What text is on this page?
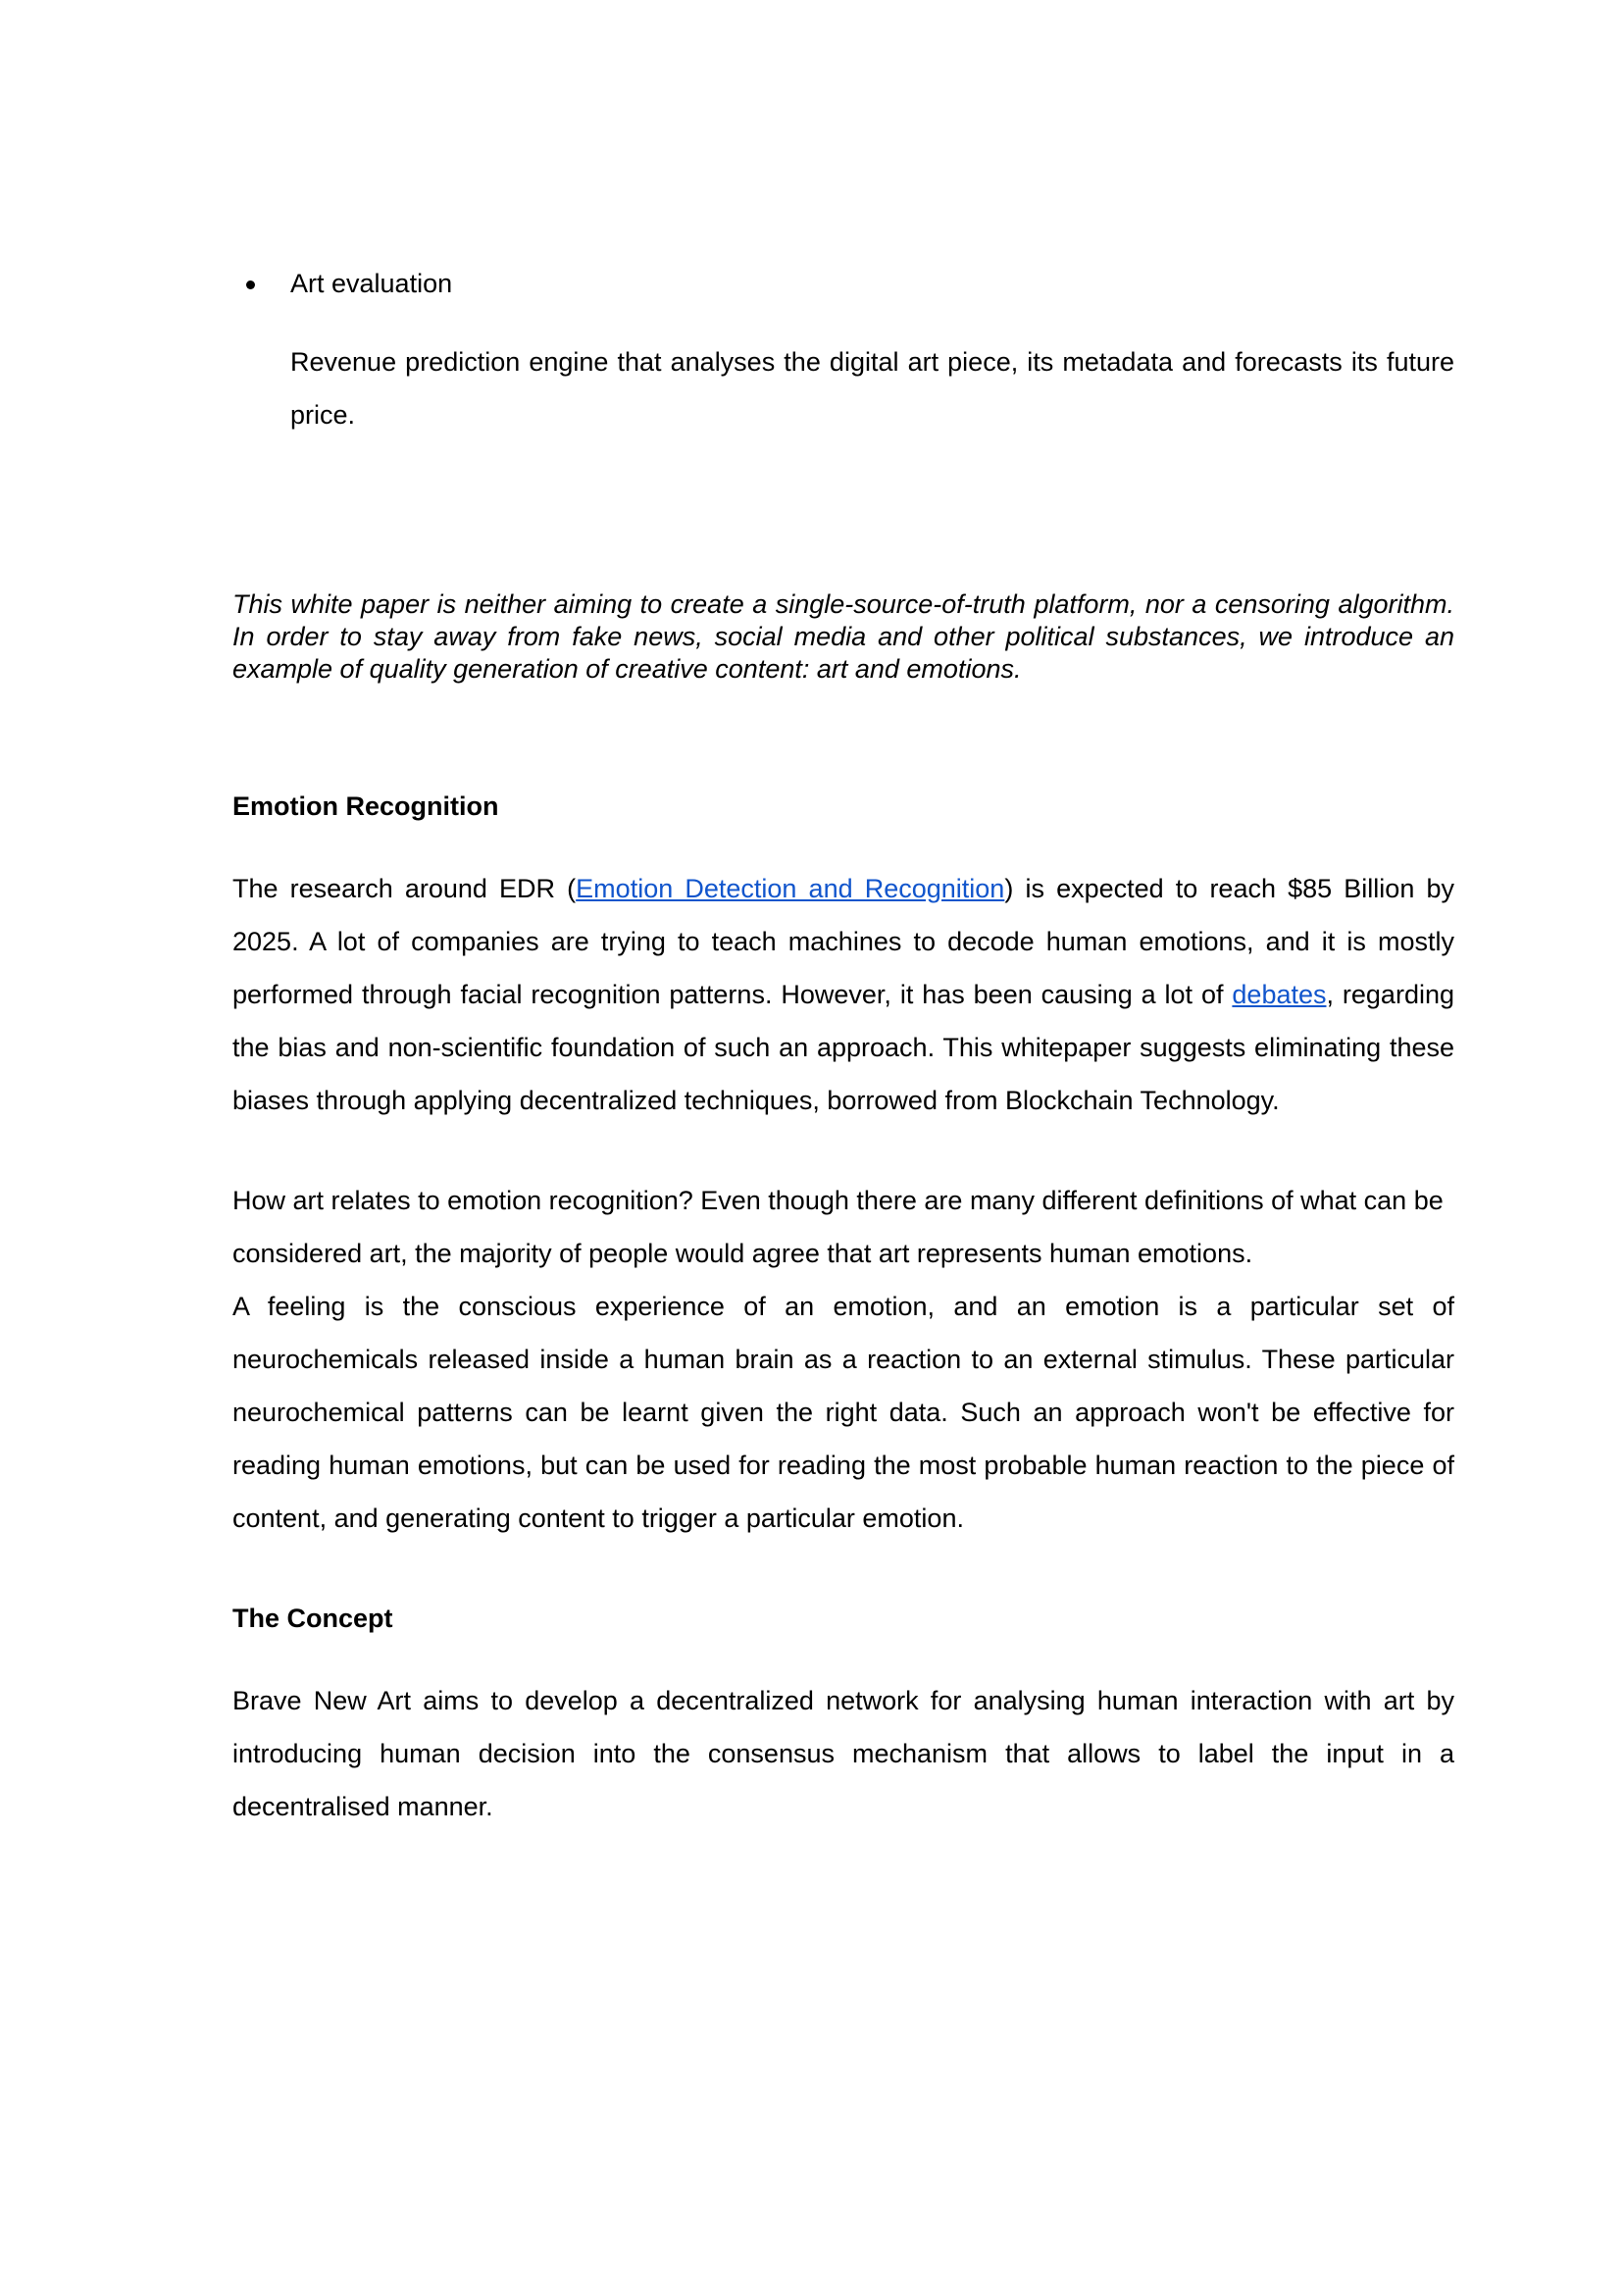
Art evaluation

Revenue prediction engine that analyses the digital art piece, its metadata and forecasts its future price.

This white paper is neither aiming to create a single-source-of-truth platform, nor a censoring algorithm. In order to stay away from fake news, social media and other political substances, we introduce an example of quality generation of creative content: art and emotions.

Emotion Recognition

The research around EDR (Emotion Detection and Recognition) is expected to reach $85 Billion by 2025. A lot of companies are trying to teach machines to decode human emotions, and it is mostly performed through facial recognition patterns. However, it has been causing a lot of debates, regarding the bias and non-scientific foundation of such an approach. This whitepaper suggests eliminating these biases through applying decentralized techniques, borrowed from Blockchain Technology.

How art relates to emotion recognition? Even though there are many different definitions of what can be considered art, the majority of people would agree that art represents human emotions.

A feeling is the conscious experience of an emotion, and an emotion is a particular set of neurochemicals released inside a human brain as a reaction to an external stimulus. These particular neurochemical patterns can be learnt given the right data. Such an approach won't be effective for reading human emotions, but can be used for reading the most probable human reaction to the piece of content, and generating content to trigger a particular emotion.

The Concept

Brave New Art aims to develop a decentralized network for analysing human interaction with art by introducing human decision into the consensus mechanism that allows to label the input in a decentralised manner.
